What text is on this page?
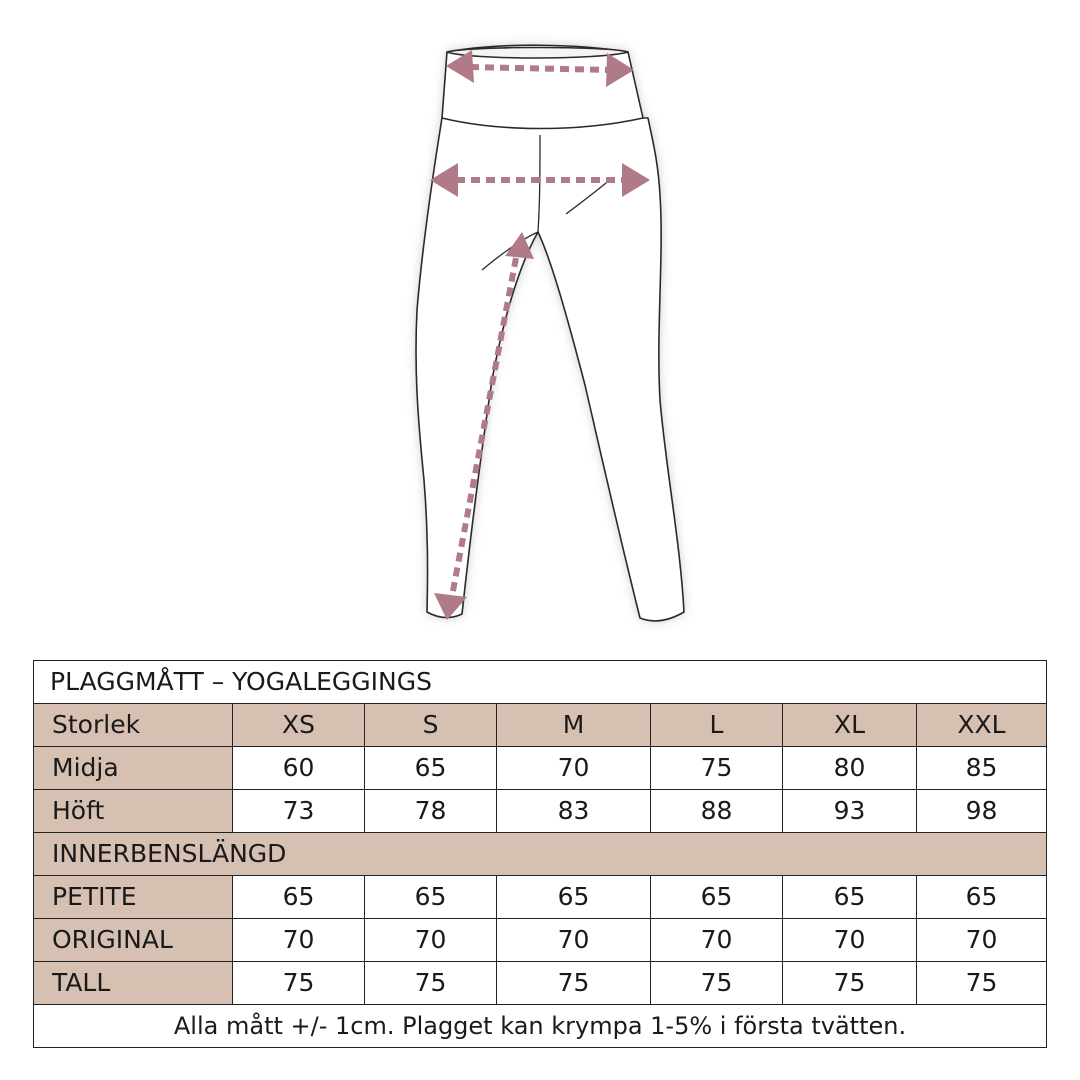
PLAGGMÅTT – YOGALEGGINGS						
Storlek	XS	S	M	L	XL	XXL
Midja	60	65	70	75	80	85
Höft	73	78	83	88	93	98
INNERBENSLÄNGD						
PETITE	65	65	65	65	65	65
ORIGINAL	70	70	70	70	70	70
TALL	75	75	75	75	75	75
Alla mått +/- 1cm. Plagget kan krympa 1-5% i första tvätten.						
